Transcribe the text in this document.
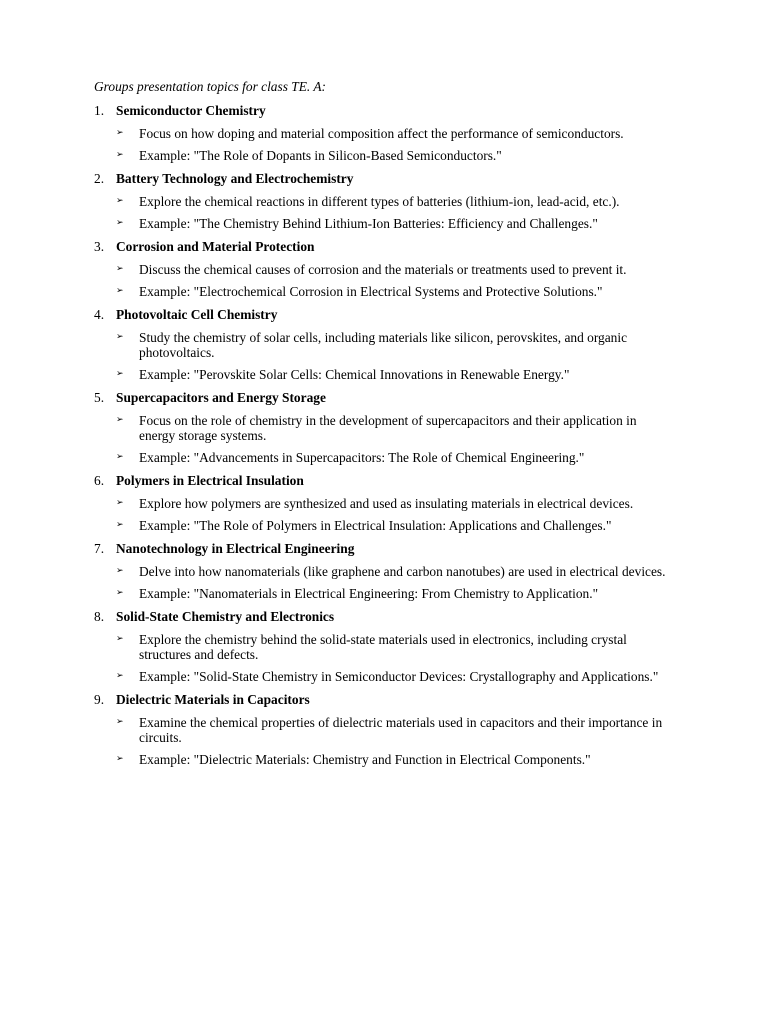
Groups presentation topics for class TE. A:

1. Semiconductor Chemistry

➢ Focus on how doping and material composition affect the performance of semiconductors.

➢ Example: "The Role of Dopants in Silicon-Based Semiconductors."

2. Battery Technology and Electrochemistry

➢ Explore the chemical reactions in different types of batteries (lithium-ion, lead-acid, etc.).

➢ Example: "The Chemistry Behind Lithium-Ion Batteries: Efficiency and Challenges."

3. Corrosion and Material Protection

➢ Discuss the chemical causes of corrosion and the materials or treatments used to prevent it.

➢ Example: "Electrochemical Corrosion in Electrical Systems and Protective Solutions."

4. Photovoltaic Cell Chemistry

➢ Study the chemistry of solar cells, including materials like silicon, perovskites, and organic photovoltaics.

➢ Example: "Perovskite Solar Cells: Chemical Innovations in Renewable Energy."

5. Supercapacitors and Energy Storage

➢ Focus on the role of chemistry in the development of supercapacitors and their application in energy storage systems.

➢ Example: "Advancements in Supercapacitors: The Role of Chemical Engineering."

6. Polymers in Electrical Insulation

➢ Explore how polymers are synthesized and used as insulating materials in electrical devices.

➢ Example: "The Role of Polymers in Electrical Insulation: Applications and Challenges."

7. Nanotechnology in Electrical Engineering

➢ Delve into how nanomaterials (like graphene and carbon nanotubes) are used in electrical devices.

➢ Example: "Nanomaterials in Electrical Engineering: From Chemistry to Application."

8. Solid-State Chemistry and Electronics

➢ Explore the chemistry behind the solid-state materials used in electronics, including crystal structures and defects.

➢ Example: "Solid-State Chemistry in Semiconductor Devices: Crystallography and Applications."

9. Dielectric Materials in Capacitors

➢ Examine the chemical properties of dielectric materials used in capacitors and their importance in circuits.

➢ Example: "Dielectric Materials: Chemistry and Function in Electrical Components."
